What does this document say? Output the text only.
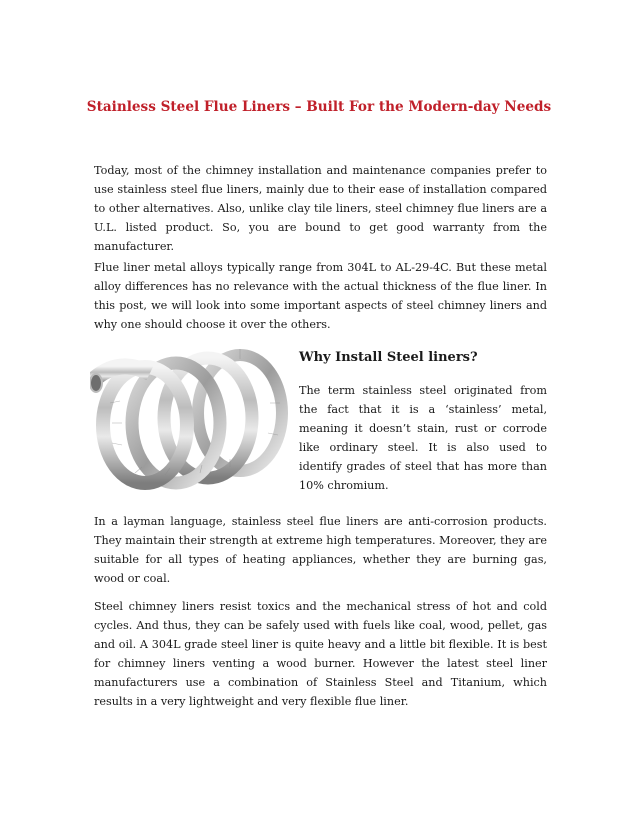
Stainless Steel Flue Liners – Built For the Modern-day Needs

Today, most of the chimney installation and maintenance companies prefer to use stainless steel flue liners, mainly due to their ease of installation compared to other alternatives. Also, unlike clay tile liners, steel chimney flue liners are a U.L. listed product. So, you are bound to get good warranty from the manufacturer.

Flue liner metal alloys typically range from 304L to AL-29-4C. But these metal alloy differences has no relevance with the actual thickness of the flue liner. In this post, we will look into some important aspects of steel chimney liners and why one should choose it over the others.

Why Install Steel liners?

The term stainless steel originated from the fact that it is a ‘stainless’ metal, meaning it doesn’t stain, rust or corrode like ordinary steel. It is also used to identify grades of steel that has more than 10% chromium.

In a layman language, stainless steel flue liners are anti-corrosion products. They maintain their strength at extreme high temperatures. Moreover, they are suitable for all types of heating appliances, whether they are burning gas, wood or coal.

Steel chimney liners resist toxics and the mechanical stress of hot and cold cycles. And thus, they can be safely used with fuels like coal, wood, pellet, gas and oil. A 304L grade steel liner is quite heavy and a little bit flexible. It is best for chimney liners venting a wood burner. However the latest steel liner manufacturers use a combination of Stainless Steel and Titanium, which results in a very lightweight and very flexible flue liner.
